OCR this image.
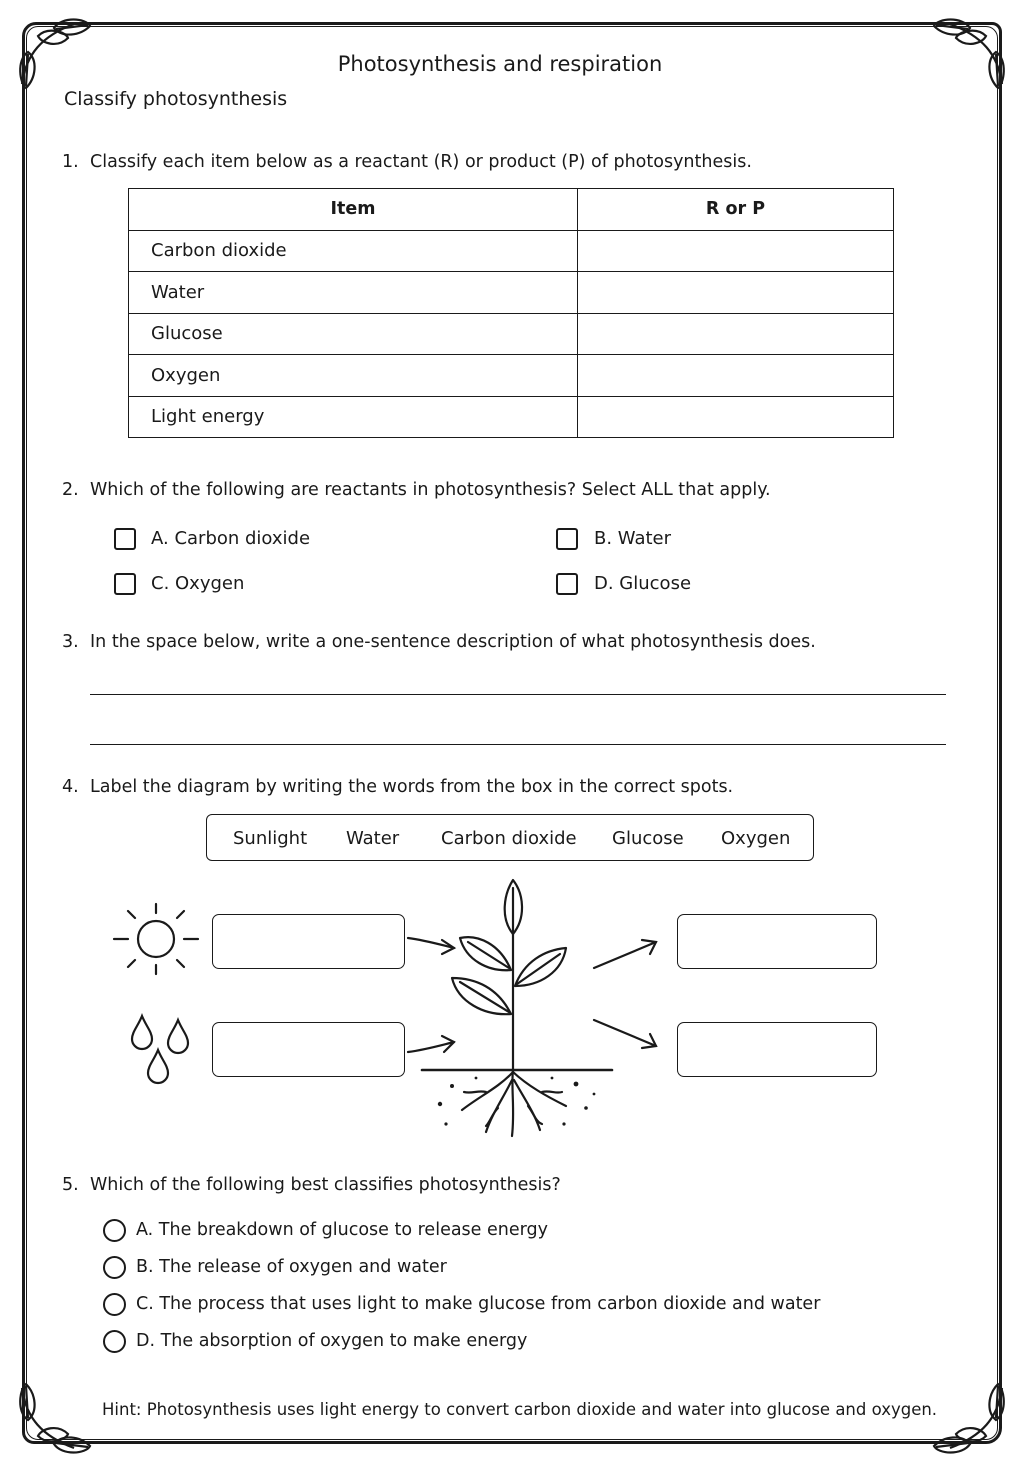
Photosynthesis and respiration
Classify photosynthesis
1. Classify each item below as a reactant (R) or product (P) of photosynthesis.
Item	R or P
Carbon dioxide	
Water	
Glucose	
Oxygen	
Light energy	
2. Which of the following are reactants in photosynthesis? Select ALL that apply.
A. Carbon dioxide	B. Water
C. Oxygen	D. Glucose
3. In the space below, write a one-sentence description of what photosynthesis does.
4. Label the diagram by writing the words from the box in the correct spots.
Sunlight Water Carbon dioxide Glucose Oxygen
5. Which of the following best classifies photosynthesis?
A. The breakdown of glucose to release energy
B. The release of oxygen and water
C. The process that uses light to make glucose from carbon dioxide and water
D. The absorption of oxygen to make energy
Hint: Photosynthesis uses light energy to convert carbon dioxide and water into glucose and oxygen.
